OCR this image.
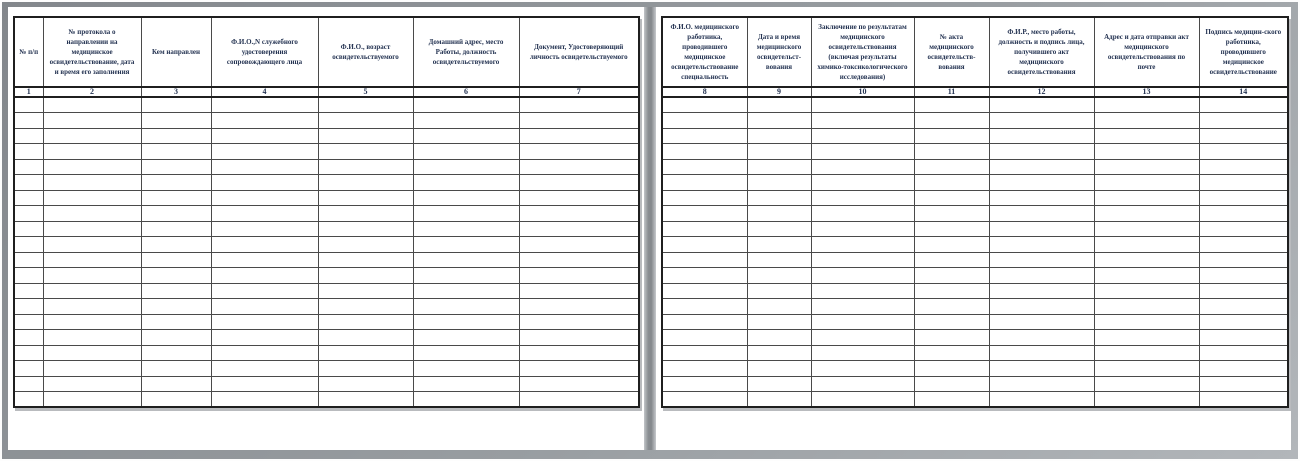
№ п/п	№ протокола о направлении на медицинское освидетельствование, дата и время его заполнения	Кем направлен	Ф.И.О.,N служебного удостоверения сопровождающего лица	Ф.И.О., возраст освидетельствуемого	Домашний адрес, место Работы, должность освидетельствуемого	Документ, Удостоверяющий личность освидетельствуемого
1	2	3	4	5	6	7

Ф.И.О. медицинского работника, проводившего медицинское освидетельствование специальность	Дата и время медицинского освидетельст-вования	Заключение по результатам медицинского освидетельствования (включая результаты химико-токсикологического исследования)	№ акта медицинского освидетельств-вования	Ф.И.Р., место работы, должность и подпись лица, получившего акт медицинского освидетельствования	Адрес и дата отправки акт медицинского освидетельствования по почте	Подпись медицин-ского работника, проводившего медицинское освидетельствование
8	9	10	11	12	13	14
